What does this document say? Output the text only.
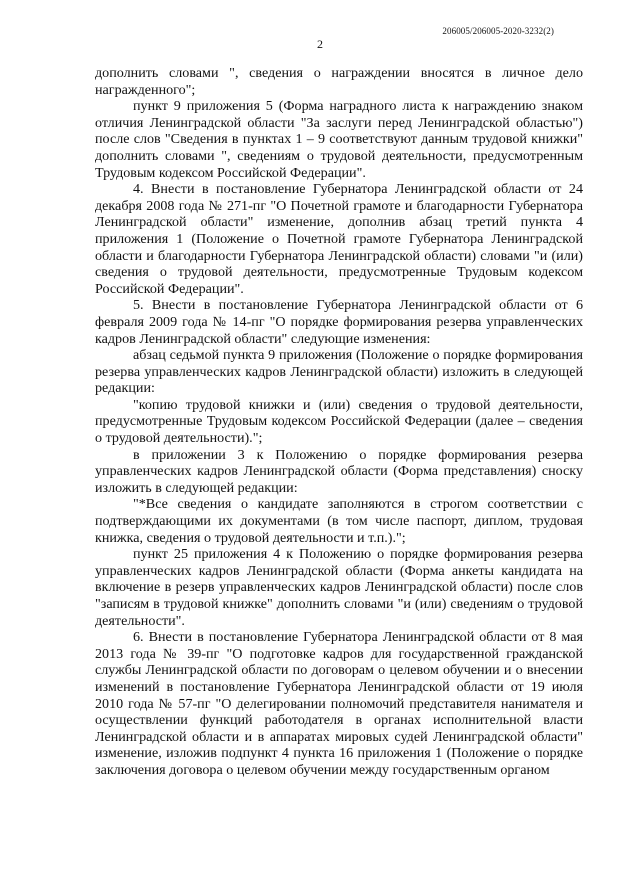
206005/206005-2020-3232(2)
2

дополнить словами ", сведения о награждении вносятся в личное дело награжденного";

пункт 9 приложения 5 (Форма наградного листа к награждению знаком отличия Ленинградской области "За заслуги перед Ленинградской областью") после слов "Сведения в пунктах 1 – 9 соответствуют данным трудовой книжки" дополнить словами ", сведениям о трудовой деятельности, предусмотренным Трудовым кодексом Российской Федерации".

4. Внести в постановление Губернатора Ленинградской области от 24 декабря 2008 года № 271-пг "О Почетной грамоте и благодарности Губернатора Ленинградской области" изменение, дополнив абзац третий пункта 4 приложения 1 (Положение о Почетной грамоте Губернатора Ленинградской области и благодарности Губернатора Ленинградской области) словами "и (или) сведения о трудовой деятельности, предусмотренные Трудовым кодексом Российской Федерации".

5. Внести в постановление Губернатора Ленинградской области от 6 февраля 2009 года № 14-пг "О порядке формирования резерва управленческих кадров Ленинградской области" следующие изменения:

абзац седьмой пункта 9 приложения (Положение о порядке формирования резерва управленческих кадров Ленинградской области) изложить в следующей редакции:

"копию трудовой книжки и (или) сведения о трудовой деятельности, предусмотренные Трудовым кодексом Российской Федерации (далее – сведения о трудовой деятельности).";

в приложении 3 к Положению о порядке формирования резерва управленческих кадров Ленинградской области (Форма представления) сноску изложить в следующей редакции:

"*Все сведения о кандидате заполняются в строгом соответствии с подтверждающими их документами (в том числе паспорт, диплом, трудовая книжка, сведения о трудовой деятельности и т.п.).";

пункт 25 приложения 4 к Положению о порядке формирования резерва управленческих кадров Ленинградской области (Форма анкеты кандидата на включение в резерв управленческих кадров Ленинградской области) после слов "записям в трудовой книжке" дополнить словами "и (или) сведениям о трудовой деятельности".

6. Внести в постановление Губернатора Ленинградской области от 8 мая 2013 года № 39-пг "О подготовке кадров для государственной гражданской службы Ленинградской области по договорам о целевом обучении и о внесении изменений в постановление Губернатора Ленинградской области от 19 июля 2010 года № 57-пг "О делегировании полномочий представителя нанимателя и осуществлении функций работодателя в органах исполнительной власти Ленинградской области и в аппаратах мировых судей Ленинградской области" изменение, изложив подпункт 4 пункта 16 приложения 1 (Положение о порядке заключения договора о целевом обучении между государственным органом
